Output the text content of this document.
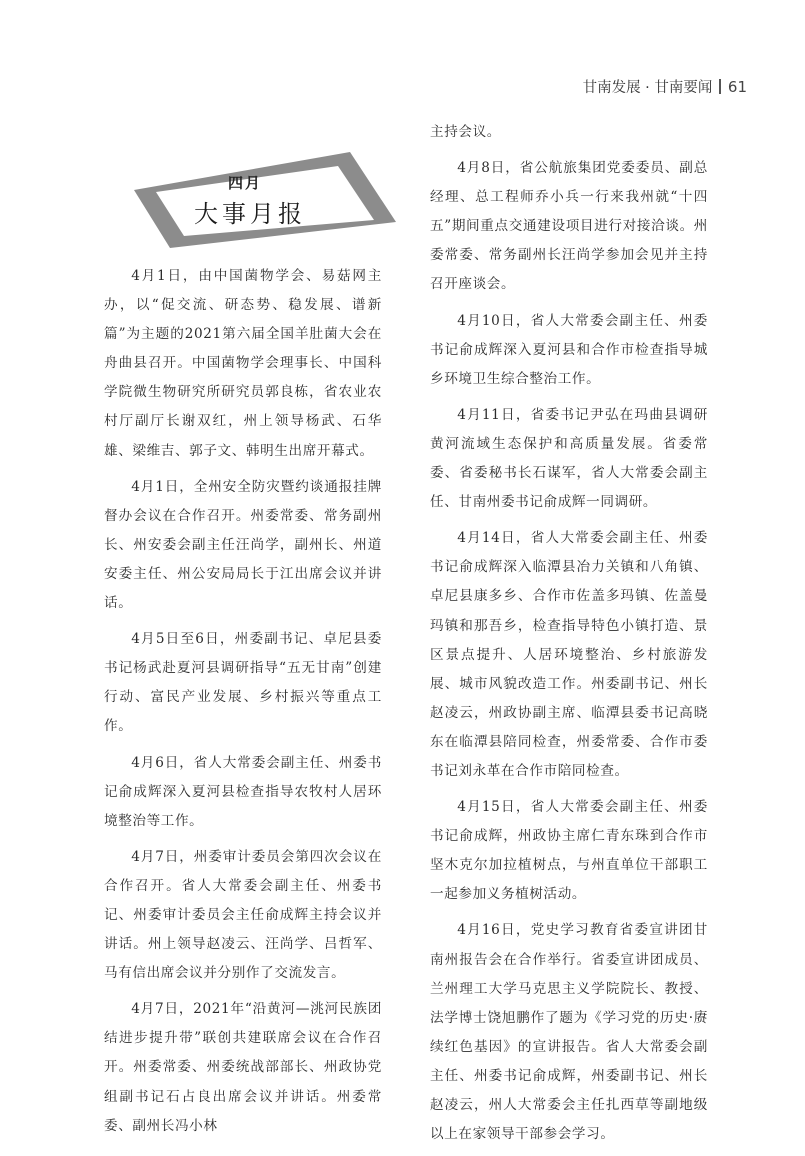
甘南发展 · 甘南要闻 61
四月
大事月报

4月1日，由中国菌物学会、易菇网主办，以“促交流、研态势、稳发展、谱新篇”为主题的2021第六届全国羊肚菌大会在舟曲县召开。中国菌物学会理事长、中国科学院微生物研究所研究员郭良栋，省农业农村厅副厅长谢双红，州上领导杨武、石华雄、梁维吉、郭子文、韩明生出席开幕式。

4月1日，全州安全防灾暨约谈通报挂牌督办会议在合作召开。州委常委、常务副州长、州安委会副主任汪尚学，副州长、州道安委主任、州公安局局长于江出席会议并讲话。

4月5日至6日，州委副书记、卓尼县委书记杨武赴夏河县调研指导“五无甘南”创建行动、富民产业发展、乡村振兴等重点工作。

4月6日，省人大常委会副主任、州委书记俞成辉深入夏河县检查指导农牧村人居环境整治等工作。

4月7日，州委审计委员会第四次会议在合作召开。省人大常委会副主任、州委书记、州委审计委员会主任俞成辉主持会议并讲话。州上领导赵凌云、汪尚学、吕哲军、马有信出席会议并分别作了交流发言。

4月7日，2021年“沿黄河—洮河民族团结进步提升带”联创共建联席会议在合作召开。州委常委、州委统战部部长、州政协党组副书记石占良出席会议并讲话。州委常委、副州长冯小林

主持会议。

4月8日，省公航旅集团党委委员、副总经理、总工程师乔小兵一行来我州就“十四五”期间重点交通建设项目进行对接洽谈。州委常委、常务副州长汪尚学参加会见并主持召开座谈会。

4月10日，省人大常委会副主任、州委书记俞成辉深入夏河县和合作市检查指导城乡环境卫生综合整治工作。

4月11日，省委书记尹弘在玛曲县调研黄河流域生态保护和高质量发展。省委常委、省委秘书长石谋军，省人大常委会副主任、甘南州委书记俞成辉一同调研。

4月14日，省人大常委会副主任、州委书记俞成辉深入临潭县冶力关镇和八角镇、卓尼县康多乡、合作市佐盖多玛镇、佐盖曼玛镇和那吾乡，检查指导特色小镇打造、景区景点提升、人居环境整治、乡村旅游发展、城市风貌改造工作。州委副书记、州长赵凌云，州政协副主席、临潭县委书记高晓东在临潭县陪同检查，州委常委、合作市委书记刘永革在合作市陪同检查。

4月15日，省人大常委会副主任、州委书记俞成辉，州政协主席仁青东珠到合作市坚木克尔加拉植树点，与州直单位干部职工一起参加义务植树活动。

4月16日，党史学习教育省委宣讲团甘南州报告会在合作举行。省委宣讲团成员、兰州理工大学马克思主义学院院长、教授、法学博士饶旭鹏作了题为《学习党的历史·赓续红色基因》的宣讲报告。省人大常委会副主任、州委书记俞成辉，州委副书记、州长赵凌云，州人大常委会主任扎西草等副地级以上在家领导干部参会学习。
